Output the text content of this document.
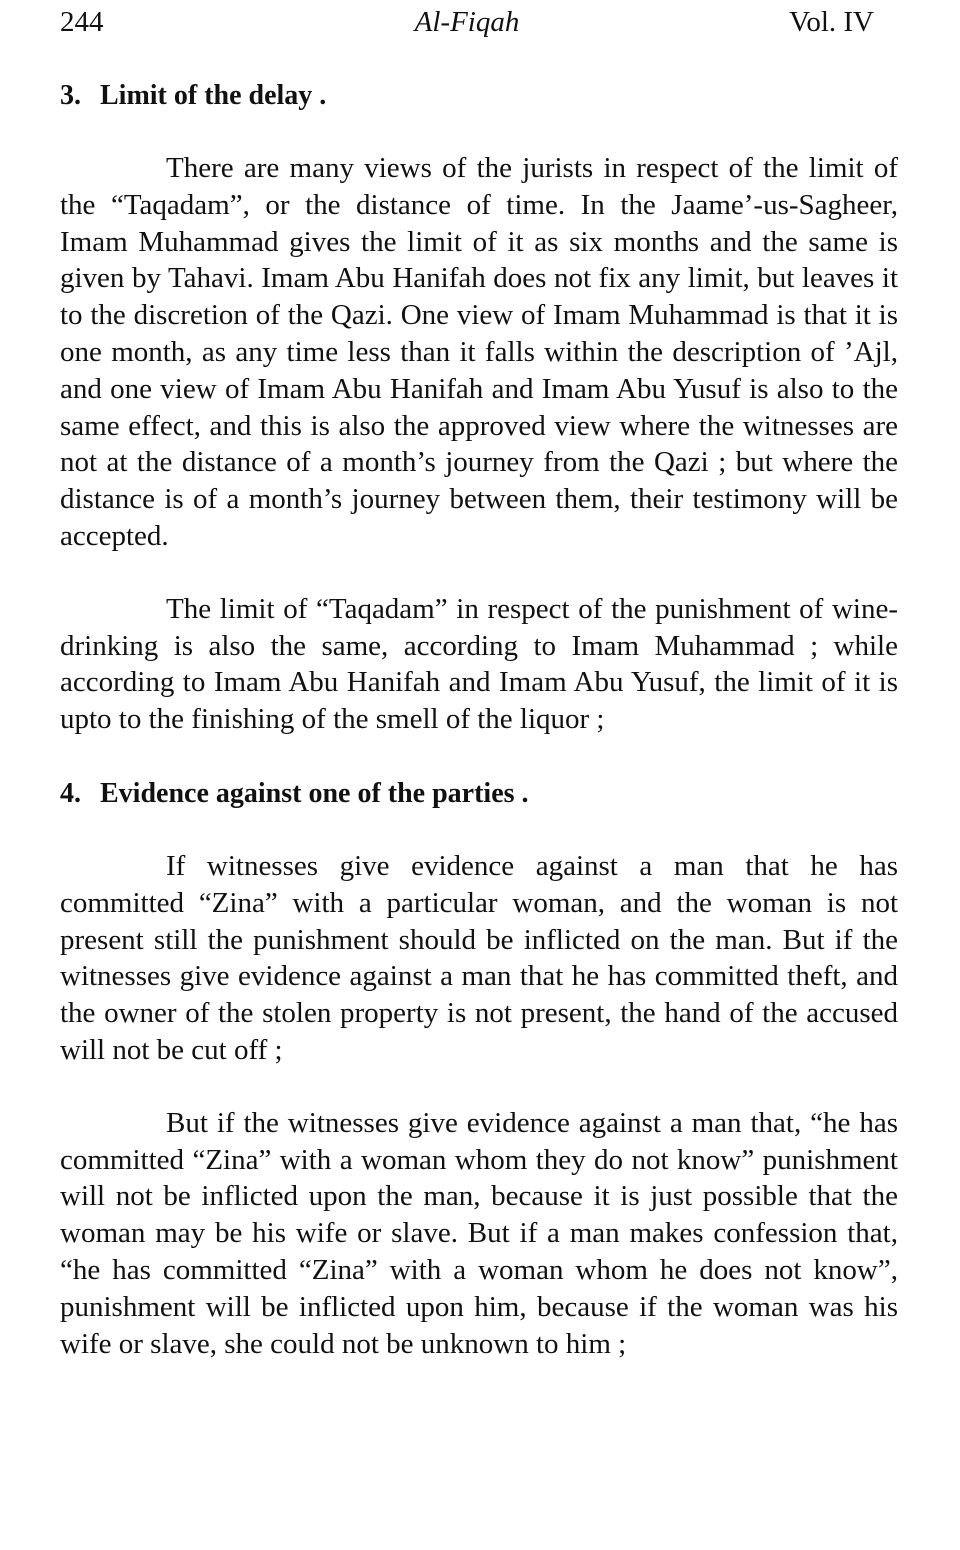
244	Al-Fiqah	Vol. IV
3. Limit of the delay .

There are many views of the jurists in respect of the limit of the “Taqadam”, or the distance of time. In the Jaame’-us-Sagheer, Imam Muhammad gives the limit of it as six months and the same is given by Tahavi. Imam Abu Hanifah does not fix any limit, but leaves it to the discretion of the Qazi. One view of Imam Muhammad is that it is one month, as any time less than it falls within the description of ’Ajl, and one view of Imam Abu Hanifah and Imam Abu Yusuf is also to the same effect, and this is also the approved view where the witnesses are not at the distance of a month’s journey from the Qazi ; but where the distance is of a month’s journey between them, their testimony will be accepted.

The limit of “Taqadam” in respect of the punishment of wine-drinking is also the same, according to Imam Muhammad ; while according to Imam Abu Hanifah and Imam Abu Yusuf, the limit of it is upto to the finishing of the smell of the liquor ;

4. Evidence against one of the parties .

If witnesses give evidence against a man that he has committed “Zina” with a particular woman, and the woman is not present still the punishment should be inflicted on the man. But if the witnesses give evidence against a man that he has committed theft, and the owner of the stolen property is not present, the hand of the accused will not be cut off ;

But if the witnesses give evidence against a man that, “he has committed “Zina” with a woman whom they do not know” punishment will not be inflicted upon the man, because it is just possible that the woman may be his wife or slave. But if a man makes confession that, “he has committed “Zina” with a woman whom he does not know”, punishment will be inflicted upon him, because if the woman was his wife or slave, she could not be unknown to him ;
